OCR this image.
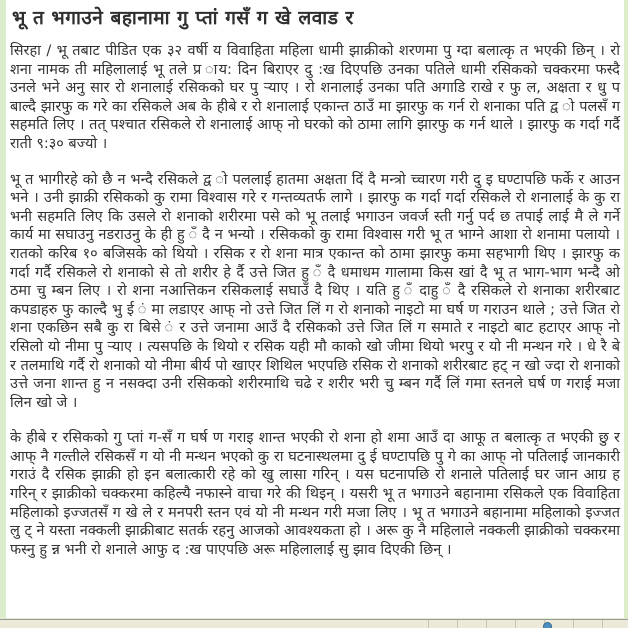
भू त भगाउने बहानामा गु प्तां गसँ ग खे लवाड र

सिरहा / भू तबाट पीडित एक ३२ वर्षी य विवाहिता महिला धामी झाक्रीको शरणमा पु ग्दा बलात्कृ त भएकी छिन् । रो शना नामक ती महिलालाई भू तले प्र ाय: दिन बिराएर दु :ख दिएपछि उनका पतिले धामी रसिकको चक्करमा फस्दै उनले भने अनु सार रो शनालाई रसिकको घर पु ऱ्याए । रो शनालाई उनका पति अगाडि राखे र फु ल, अक्षता र धु प बाल्दै झारफु क गरे का रसिकले अब के हीबे र रो शनालाई एकान्त ठाउँ मा झारफु क गर्न रो शनाका पति द्व ो पलसँ ग सहमति लिए । तत् पश्चात रसिकले रो शनालाई आफ् नो घरको को ठामा लागि झारफु क गर्न थाले । झारफु क गर्दा गर्दै राती ९:३० बज्यो ।

भू त भागीरहे को छै न भन्दै रसिकले द्व ो पललाई हातमा अक्षता दिं दै मन्त्रो च्चारण गरी दु इ घण्टापछि फर्के र आउन भने । उनी झाक्री रसिकको कु रामा विश्वास गरे र गन्तव्यतर्फ लागे । झारफु क गर्दा गर्दा रसिकले रो शनालाई के कु रा भनी सहमति लिए कि उसले रो शनाको शरीरमा पसे को भू तलाई भगाउन जवर्ज स्ती गर्नु पर्द छ तपाई लाई मै ले गर्ने कार्य मा सघाउनु नडराउनु के ही हु ँ दै न भन्यो । रसिकको कु रामा विश्वास गरी भू त भाग्ने आशा रो शनामा पलायो । रातको करिब १० बजिसके को थियो । रसिक र रो शना मात्र एकान्त को ठामा झारफु कमा सहभागी थिए । झारफु क गर्दा गर्दै रसिकले रो शनाको से तो शरीर हे र्दै उत्ते जित हु ँ दै धमाधम गालामा किस खां दै भू त भाग-भाग भन्दै ओ ठमा चु म्बन लिए । रो शना नआत्तिकन रसिकलाई सघाउँ दै थिए । यति हु ँ दाहु ँ दै रसिकले रो शनाका शरीरबाट कपडाहरु फु काल्दै भु ई ं मा लडाएर आफ् नो उत्ते जित लिं ग रो शनाको नाइटो मा घर्ष ण गराउन थाले ; उत्ते जित रो शना एकछिन सबै कु रा बिसे ं र उत्ते जनामा आउँ दै रसिकको उत्ते जित लिं ग समाते र नाइटो बाट हटाएर आफ् नो रसिलो यो नीमा पु ऱ्याए । त्यसपछि के थियो र रसिक यही मौ काको खो जीमा थियो भरपु र यो नी मन्थन गरे । धे रै बे र तलमाथि गर्दै रो शनाको यो नीमा बीर्य पो खाएर शिथिल भएपछि रसिक रो शनाको शरीरबाट हट् न खो ज्दा रो शनाको उत्ते जना शान्त हु न नसक्दा उनी रसिकको शरीरमाथि चढे र शरीर भरी चु म्बन गर्दै लिं गमा स्तनले घर्ष ण गराई मजा लिन खो जे ।

के हीबे र रसिकको गु प्तां ग-सँ ग घर्ष ण गराइ शान्त भएकी रो शना हो शमा आउँ दा आफू त बलात्कृ त भएकी छु र आफ् नै गल्तीले रसिकसँ ग यो नी मन्थन भएको कु रा घटनास्थलमा दु ई घण्टापछि पु गे का आफ् नो पतिलाई जानकारी गराउं दै रसिक झाक्री हो इन बलात्कारी रहे को खु लासा गरिन् । यस घटनापछि रो शनाले पतिलाई घर जान आग्र ह गरिन् र झाक्रीको चक्करमा कहिल्यै नफास्ने वाचा गरे की थिइन् । यसरी भू त भगाउने बहानामा रसिकले एक विवाहिता महिलाको इज्जतसँ ग खे ले र मनपरी स्तन एवं यो नी मन्थन गरी मजा लिए । भू त भगाउने बहानामा महिलाको इज्जत लु ट् ने यस्ता नक्कली झाक्रीबाट सतर्क रहनु आजको आवश्यकता हो । अरू कु नै महिलाले नक्कली झाक्रीको चक्करमा फस्नु हु न्न भनी रो शनाले आफु द :ख पाएपछि अरू महिलालाई सु झाव दिएकी छिन् ।
